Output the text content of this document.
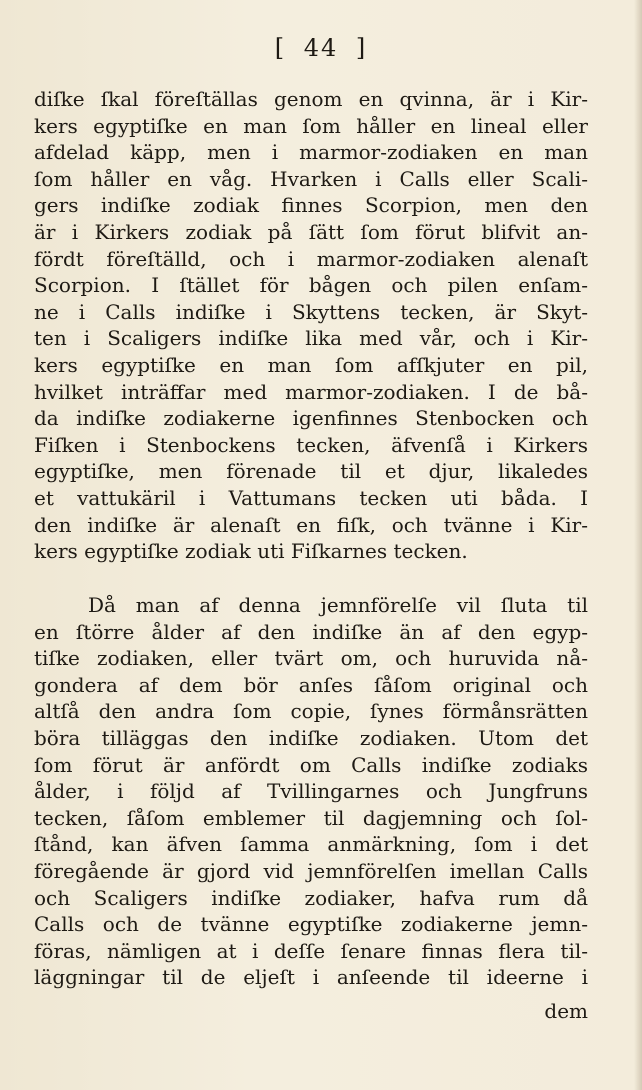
[ 44 ]
diſke ſkal föreſtällas genom en qvinna, är i Kir-
kers egyptiſke en man ſom håller en lineal eller
afdelad käpp, men i marmor-zodiaken en man
ſom håller en våg. Hvarken i Calls eller Scali-
gers indiſke zodiak finnes Scorpion, men den
är i Kirkers zodiak på ſätt ſom förut blifvit an-
fördt föreſtälld, och i marmor-zodiaken alenaſt
Scorpion. I ſtället för bågen och pilen enſam-
ne i Calls indiſke i Skyttens tecken, är Skyt-
ten i Scaligers indiſke lika med vår, och i Kir-
kers egyptiſke en man ſom afſkjuter en pil,
hvilket inträffar med marmor-zodiaken. I de bå-
da indiſke zodiakerne igenfinnes Stenbocken och
Fiſken i Stenbockens tecken, äfvenſå i Kirkers
egyptiſke, men förenade til et djur, likaledes
et vattukäril i Vattumans tecken uti båda. I
den indiſke är alenaſt en fiſk, och tvänne i Kir-
kers egyptiſke zodiak uti Fiſkarnes tecken.
Då man af denna jemnförelſe vil ſluta til
en ſtörre ålder af den indiſke än af den egyp-
tiſke zodiaken, eller tvärt om, och huruvida nå-
gondera af dem bör anſes ſåſom original och
altſå den andra ſom copie, ſynes förmånsrätten
böra tilläggas den indiſke zodiaken. Utom det
ſom förut är anfördt om Calls indiſke zodiaks
ålder, i följd af Tvillingarnes och Jungfruns
tecken, ſåſom emblemer til dagjemning och ſol-
ſtånd, kan äfven ſamma anmärkning, ſom i det
föregående är gjord vid jemnförelſen imellan Calls
och Scaligers indiſke zodiaker, hafva rum då
Calls och de tvänne egyptiſke zodiakerne jemn-
föras, nämligen at i deſſe ſenare finnas flera til-
läggningar til de eljeſt i anſeende til ideerne i
dem
